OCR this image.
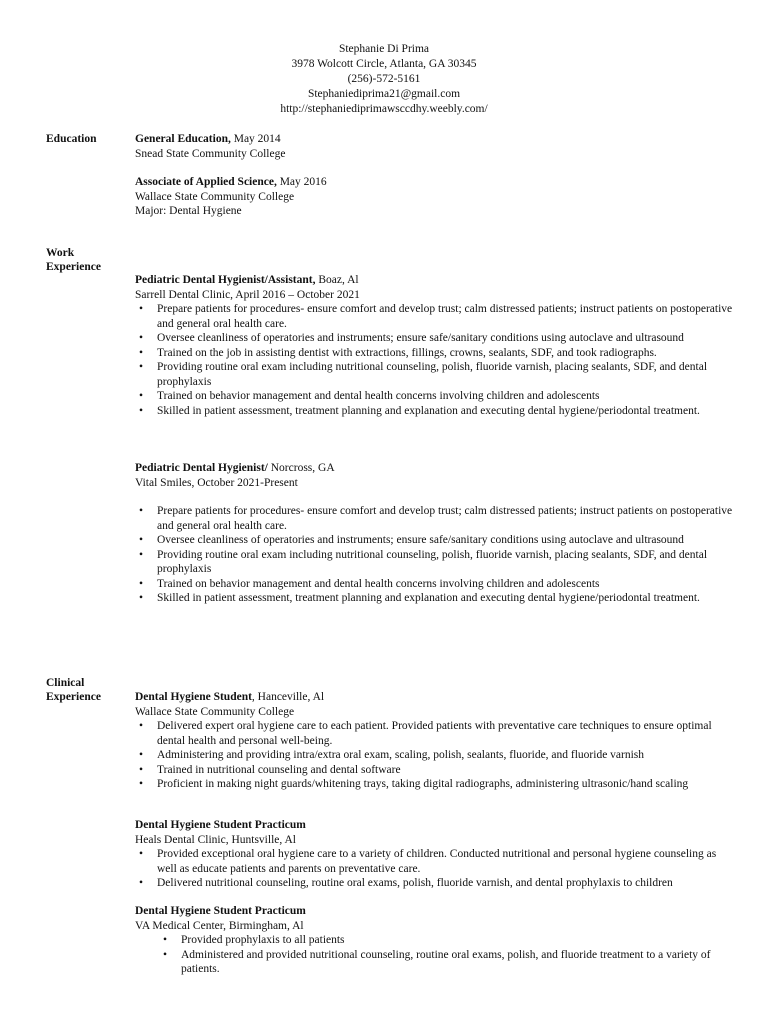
Stephanie Di Prima
3978 Wolcott Circle, Atlanta, GA 30345
(256)-572-5161
Stephaniediprima21@gmail.com
http://stephaniediprimawsccdhy.weebly.com/
Education
Work
Experience
Clinical
Experience
General Education, May 2014
Snead State Community College
Associate of Applied Science, May 2016
Wallace State Community College
Major: Dental Hygiene
Pediatric Dental Hygienist/Assistant, Boaz, Al
Sarrell Dental Clinic, April 2016 – October 2021
• Prepare patients for procedures- ensure comfort and develop trust; calm distressed patients; instruct patients on postoperative and general oral health care.
• Oversee cleanliness of operatories and instruments; ensure safe/sanitary conditions using autoclave and ultrasound
• Trained on the job in assisting dentist with extractions, fillings, crowns, sealants, SDF, and took radiographs.
• Providing routine oral exam including nutritional counseling, polish, fluoride varnish, placing sealants, SDF, and dental prophylaxis
• Trained on behavior management and dental health concerns involving children and adolescents
• Skilled in patient assessment, treatment planning and explanation and executing dental hygiene/periodontal treatment.
Pediatric Dental Hygienist/ Norcross, GA
Vital Smiles, October 2021-Present
• Prepare patients for procedures- ensure comfort and develop trust; calm distressed patients; instruct patients on postoperative and general oral health care.
• Oversee cleanliness of operatories and instruments; ensure safe/sanitary conditions using autoclave and ultrasound
• Providing routine oral exam including nutritional counseling, polish, fluoride varnish, placing sealants, SDF, and dental prophylaxis
• Trained on behavior management and dental health concerns involving children and adolescents
• Skilled in patient assessment, treatment planning and explanation and executing dental hygiene/periodontal treatment.
Dental Hygiene Student, Hanceville, Al
Wallace State Community College
• Delivered expert oral hygiene care to each patient. Provided patients with preventative care techniques to ensure optimal dental health and personal well-being.
• Administering and providing intra/extra oral exam, scaling, polish, sealants, fluoride, and fluoride varnish
• Trained in nutritional counseling and dental software
• Proficient in making night guards/whitening trays, taking digital radiographs, administering ultrasonic/hand scaling
Dental Hygiene Student Practicum
Heals Dental Clinic, Huntsville, Al
• Provided exceptional oral hygiene care to a variety of children. Conducted nutritional and personal hygiene counseling as well as educate patients and parents on preventative care.
• Delivered nutritional counseling, routine oral exams, polish, fluoride varnish, and dental prophylaxis to children
Dental Hygiene Student Practicum
VA Medical Center, Birmingham, Al
• Provided prophylaxis to all patients
• Administered and provided nutritional counseling, routine oral exams, polish, and fluoride treatment to a variety of patients.
